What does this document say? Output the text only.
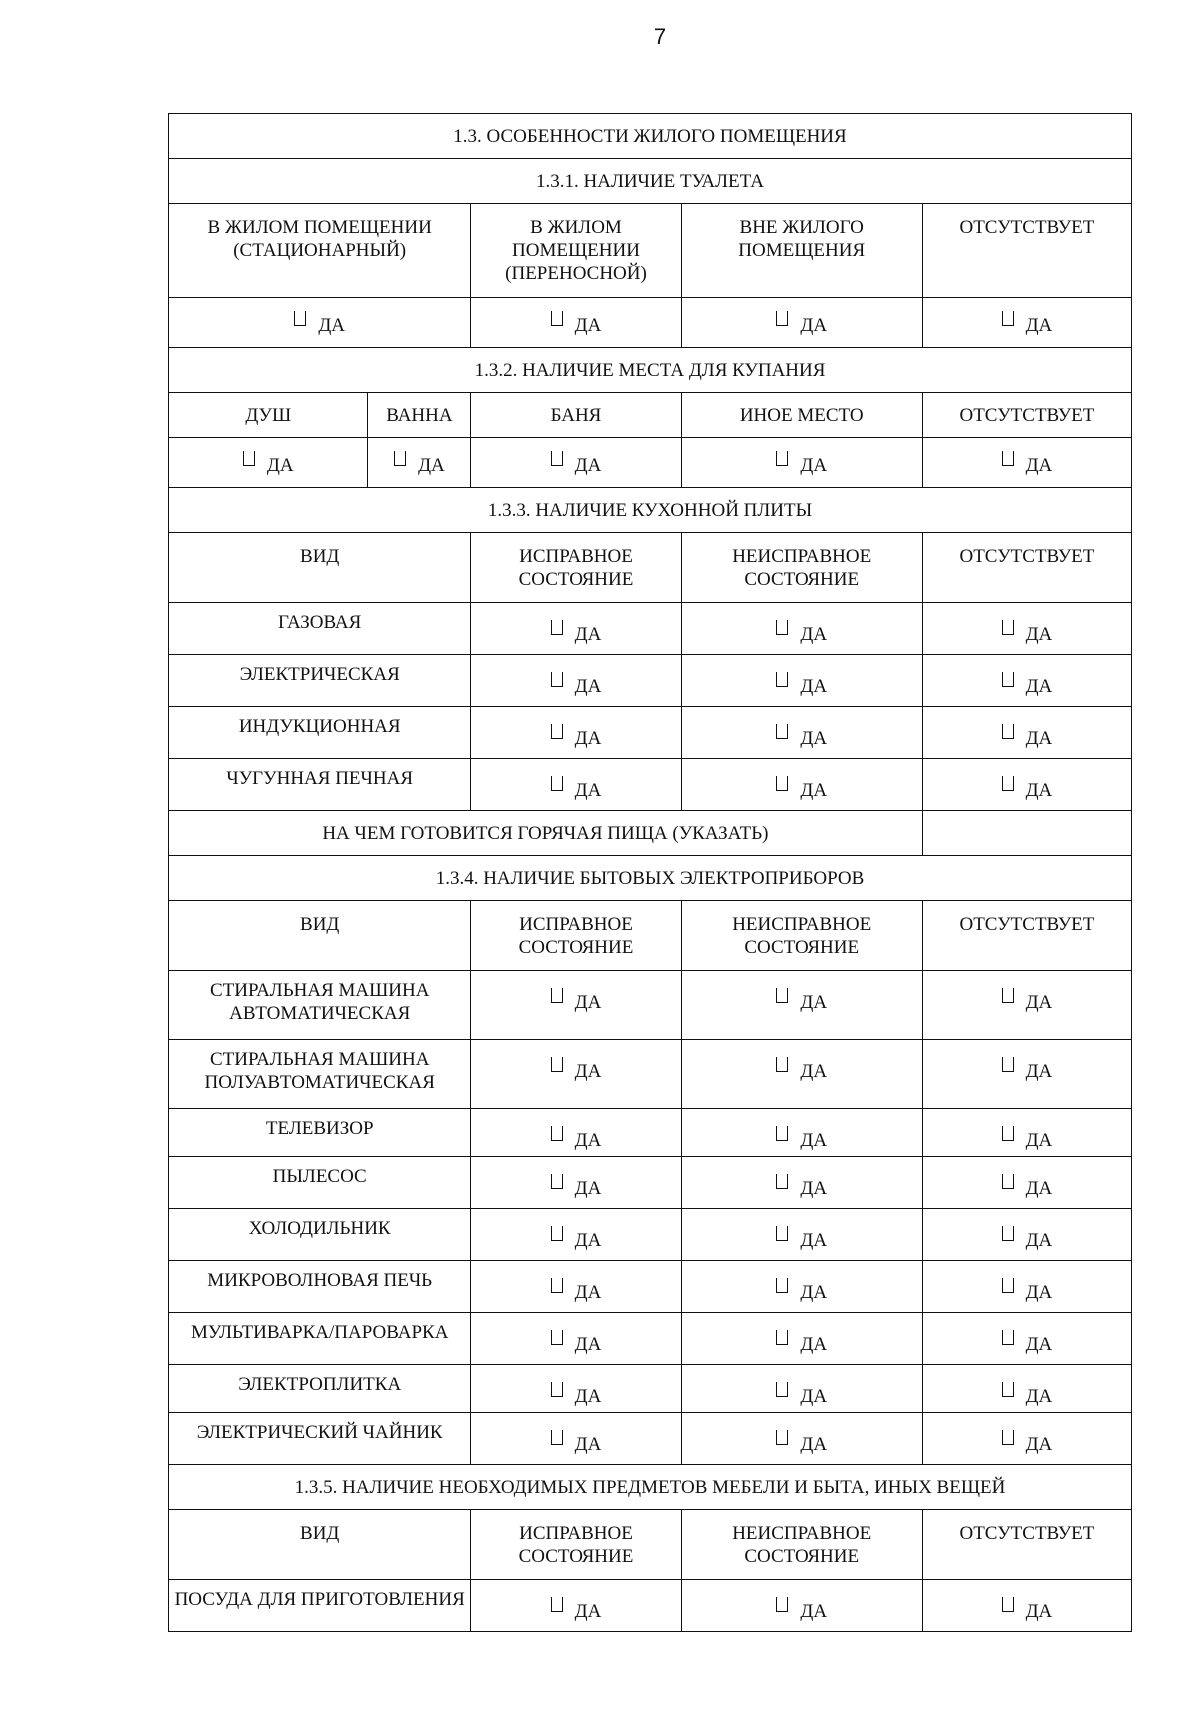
7
1.3. ОСОБЕННОСТИ ЖИЛОГО ПОМЕЩЕНИЯ				
1.3.1. НАЛИЧИЕ ТУАЛЕТА				
В ЖИЛОМ ПОМЕЩЕНИИ (СТАЦИОНАРНЫЙ)		В ЖИЛОМ ПОМЕЩЕНИИ (ПЕРЕНОСНОЙ)	ВНЕ ЖИЛОГО ПОМЕЩЕНИЯ	ОТСУТСТВУЕТ
ДА		ДА	ДА	ДА
1.3.2. НАЛИЧИЕ МЕСТА ДЛЯ КУПАНИЯ				
ДУШ	ВАННА	БАНЯ	ИНОЕ МЕСТО	ОТСУТСТВУЕТ
ДА	ДА	ДА	ДА	ДА
1.3.3. НАЛИЧИЕ КУХОННОЙ ПЛИТЫ				
ВИД		ИСПРАВНОЕ СОСТОЯНИЕ	НЕИСПРАВНОЕ СОСТОЯНИЕ	ОТСУТСТВУЕТ
ГАЗОВАЯ		ДА	ДА	ДА
ЭЛЕКТРИЧЕСКАЯ		ДА	ДА	ДА
ИНДУКЦИОННАЯ		ДА	ДА	ДА
ЧУГУННАЯ ПЕЧНАЯ		ДА	ДА	ДА
НА ЧЕМ ГОТОВИТСЯ ГОРЯЧАЯ ПИЩА (УКАЗАТЬ)				
1.3.4. НАЛИЧИЕ БЫТОВЫХ ЭЛЕКТРОПРИБОРОВ				
ВИД		ИСПРАВНОЕ СОСТОЯНИЕ	НЕИСПРАВНОЕ СОСТОЯНИЕ	ОТСУТСТВУЕТ
СТИРАЛЬНАЯ МАШИНА АВТОМАТИЧЕСКАЯ		ДА	ДА	ДА
СТИРАЛЬНАЯ МАШИНА ПОЛУАВТОМАТИЧЕСКАЯ		ДА	ДА	ДА
ТЕЛЕВИЗОР		ДА	ДА	ДА
ПЫЛЕСОС		ДА	ДА	ДА
ХОЛОДИЛЬНИК		ДА	ДА	ДА
МИКРОВОЛНОВАЯ ПЕЧЬ		ДА	ДА	ДА
МУЛЬТИВАРКА/ПАРОВАРКА		ДА	ДА	ДА
ЭЛЕКТРОПЛИТКА		ДА	ДА	ДА
ЭЛЕКТРИЧЕСКИЙ ЧАЙНИК		ДА	ДА	ДА
1.3.5. НАЛИЧИЕ НЕОБХОДИМЫХ ПРЕДМЕТОВ МЕБЕЛИ И БЫТА, ИНЫХ ВЕЩЕЙ				
ВИД		ИСПРАВНОЕ СОСТОЯНИЕ	НЕИСПРАВНОЕ СОСТОЯНИЕ	ОТСУТСТВУЕТ
ПОСУДА ДЛЯ ПРИГОТОВЛЕНИЯ		ДА	ДА	ДА
